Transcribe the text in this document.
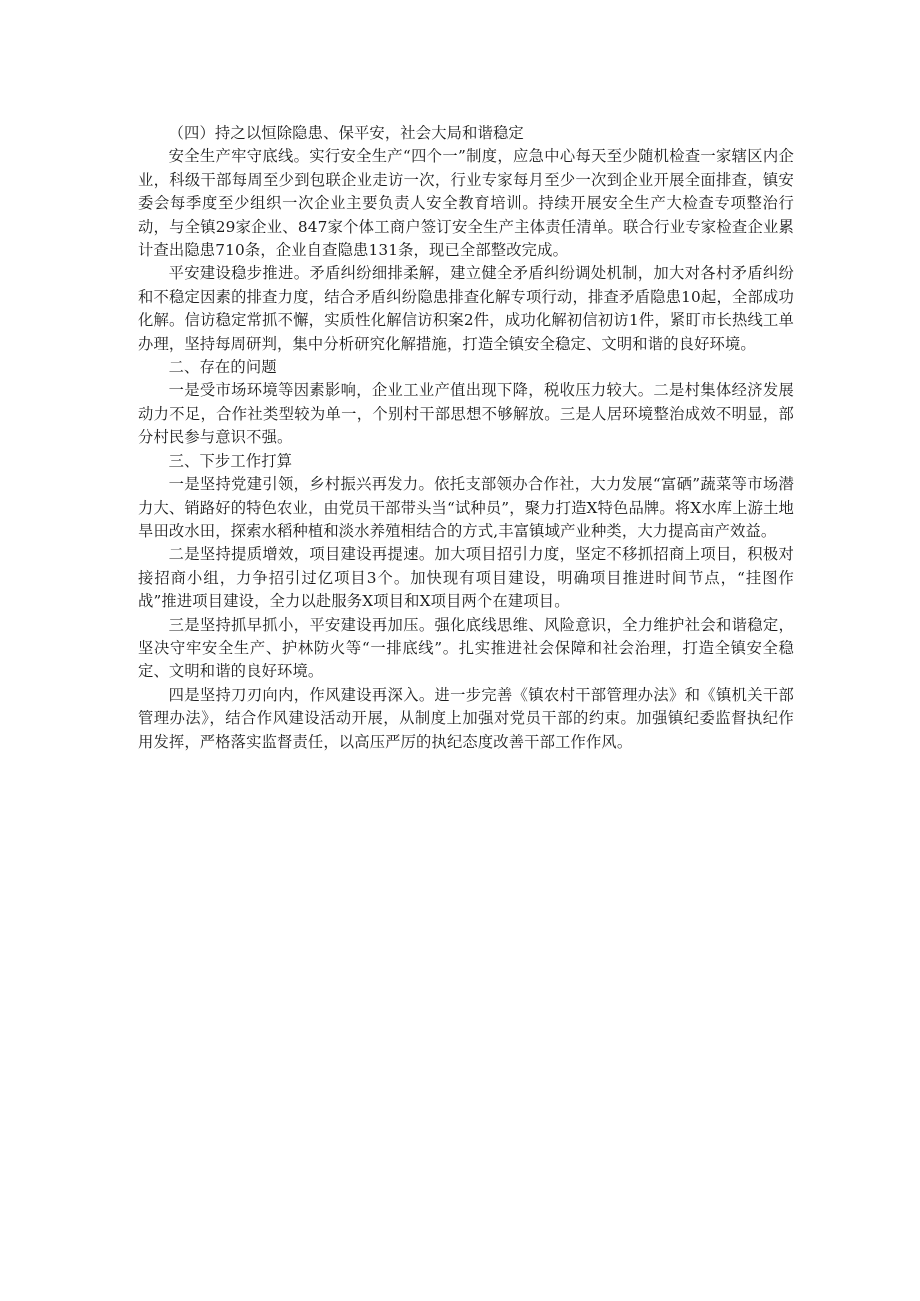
（四）持之以恒除隐患、保平安，社会大局和谐稳定

安全生产牢守底线。实行安全生产“四个一”制度，应急中心每天至少随机检查一家辖区内企业，科级干部每周至少到包联企业走访一次，行业专家每月至少一次到企业开展全面排查，镇安委会每季度至少组织一次企业主要负责人安全教育培训。持续开展安全生产大检查专项整治行动，与全镇29家企业、847家个体工商户签订安全生产主体责任清单。联合行业专家检查企业累计查出隐患710条，企业自查隐患131条，现已全部整改完成。

平安建设稳步推进。矛盾纠纷细排柔解，建立健全矛盾纠纷调处机制，加大对各村矛盾纠纷和不稳定因素的排查力度，结合矛盾纠纷隐患排查化解专项行动，排查矛盾隐患10起，全部成功化解。信访稳定常抓不懈，实质性化解信访积案2件，成功化解初信初访1件，紧盯市长热线工单办理，坚持每周研判，集中分析研究化解措施，打造全镇安全稳定、文明和谐的良好环境。

二、存在的问题

一是受市场环境等因素影响，企业工业产值出现下降，税收压力较大。二是村集体经济发展动力不足，合作社类型较为单一，个别村干部思想不够解放。三是人居环境整治成效不明显，部分村民参与意识不强。

三、下步工作打算

一是坚持党建引领，乡村振兴再发力。依托支部领办合作社，大力发展“富硒”蔬菜等市场潜力大、销路好的特色农业，由党员干部带头当“试种员”，聚力打造X特色品牌。将X水库上游土地旱田改水田，探索水稻种植和淡水养殖相结合的方式,丰富镇域产业种类，大力提高亩产效益。

二是坚持提质增效，项目建设再提速。加大项目招引力度，坚定不移抓招商上项目，积极对接招商小组，力争招引过亿项目3个。加快现有项目建设，明确项目推进时间节点，“挂图作战”推进项目建设，全力以赴服务X项目和X项目两个在建项目。

三是坚持抓早抓小，平安建设再加压。强化底线思维、风险意识，全力维护社会和谐稳定，坚决守牢安全生产、护林防火等“一排底线”。扎实推进社会保障和社会治理，打造全镇安全稳定、文明和谐的良好环境。

四是坚持刀刃向内，作风建设再深入。进一步完善《镇农村干部管理办法》和《镇机关干部管理办法》，结合作风建设活动开展，从制度上加强对党员干部的约束。加强镇纪委监督执纪作用发挥，严格落实监督责任，以高压严厉的执纪态度改善干部工作作风。
